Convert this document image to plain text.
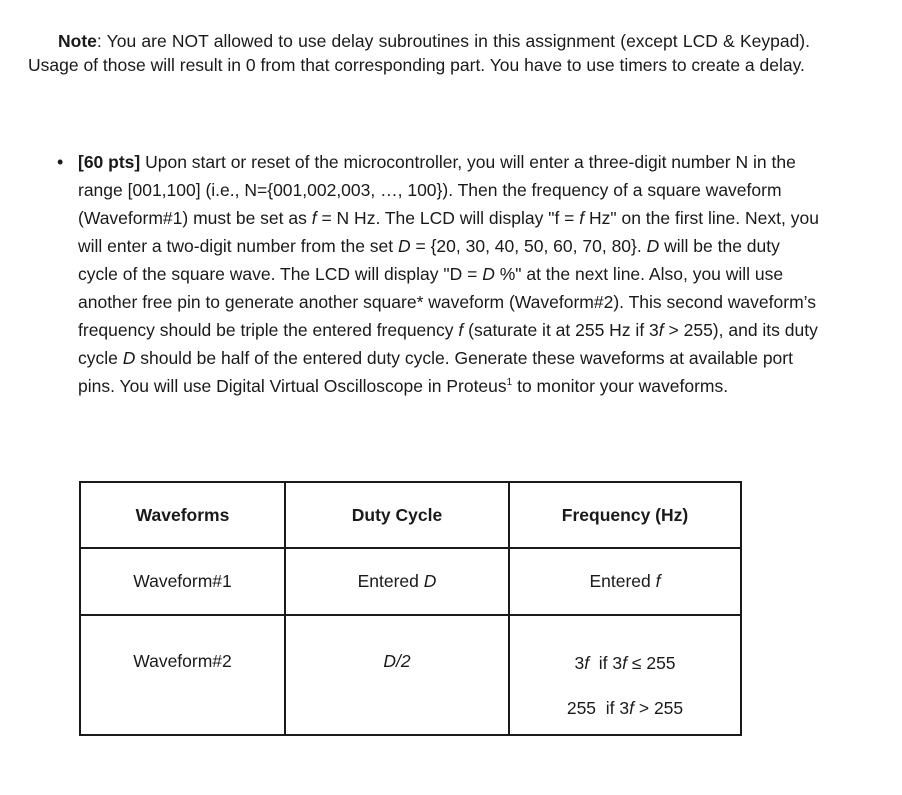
Note: You are NOT allowed to use delay subroutines in this assignment (except LCD & Keypad). Usage of those will result in 0 from that corresponding part. You have to use timers to create a delay.
• [60 pts] Upon start or reset of the microcontroller, you will enter a three-digit number N in the range [001,100] (i.e., N={001,002,003, …, 100}). Then the frequency of a square waveform (Waveform#1) must be set as f = N Hz. The LCD will display "f = f Hz" on the first line. Next, you will enter a two-digit number from the set D = {20, 30, 40, 50, 60, 70, 80}. D will be the duty cycle of the square wave. The LCD will display "D = D %" at the next line. Also, you will use another free pin to generate another square* waveform (Waveform#2). This second waveform’s frequency should be triple the entered frequency f (saturate it at 255 Hz if 3f > 255), and its duty cycle D should be half of the entered duty cycle. Generate these waveforms at available port pins. You will use Digital Virtual Oscilloscope in Proteus$^1$ to monitor your waveforms.
Waveforms	Duty Cycle	Frequency (Hz)
Waveform#1	Entered D	Entered f

Waveform#2	D/2	3f  if 3f ≤ 255
255  if 3f > 255
